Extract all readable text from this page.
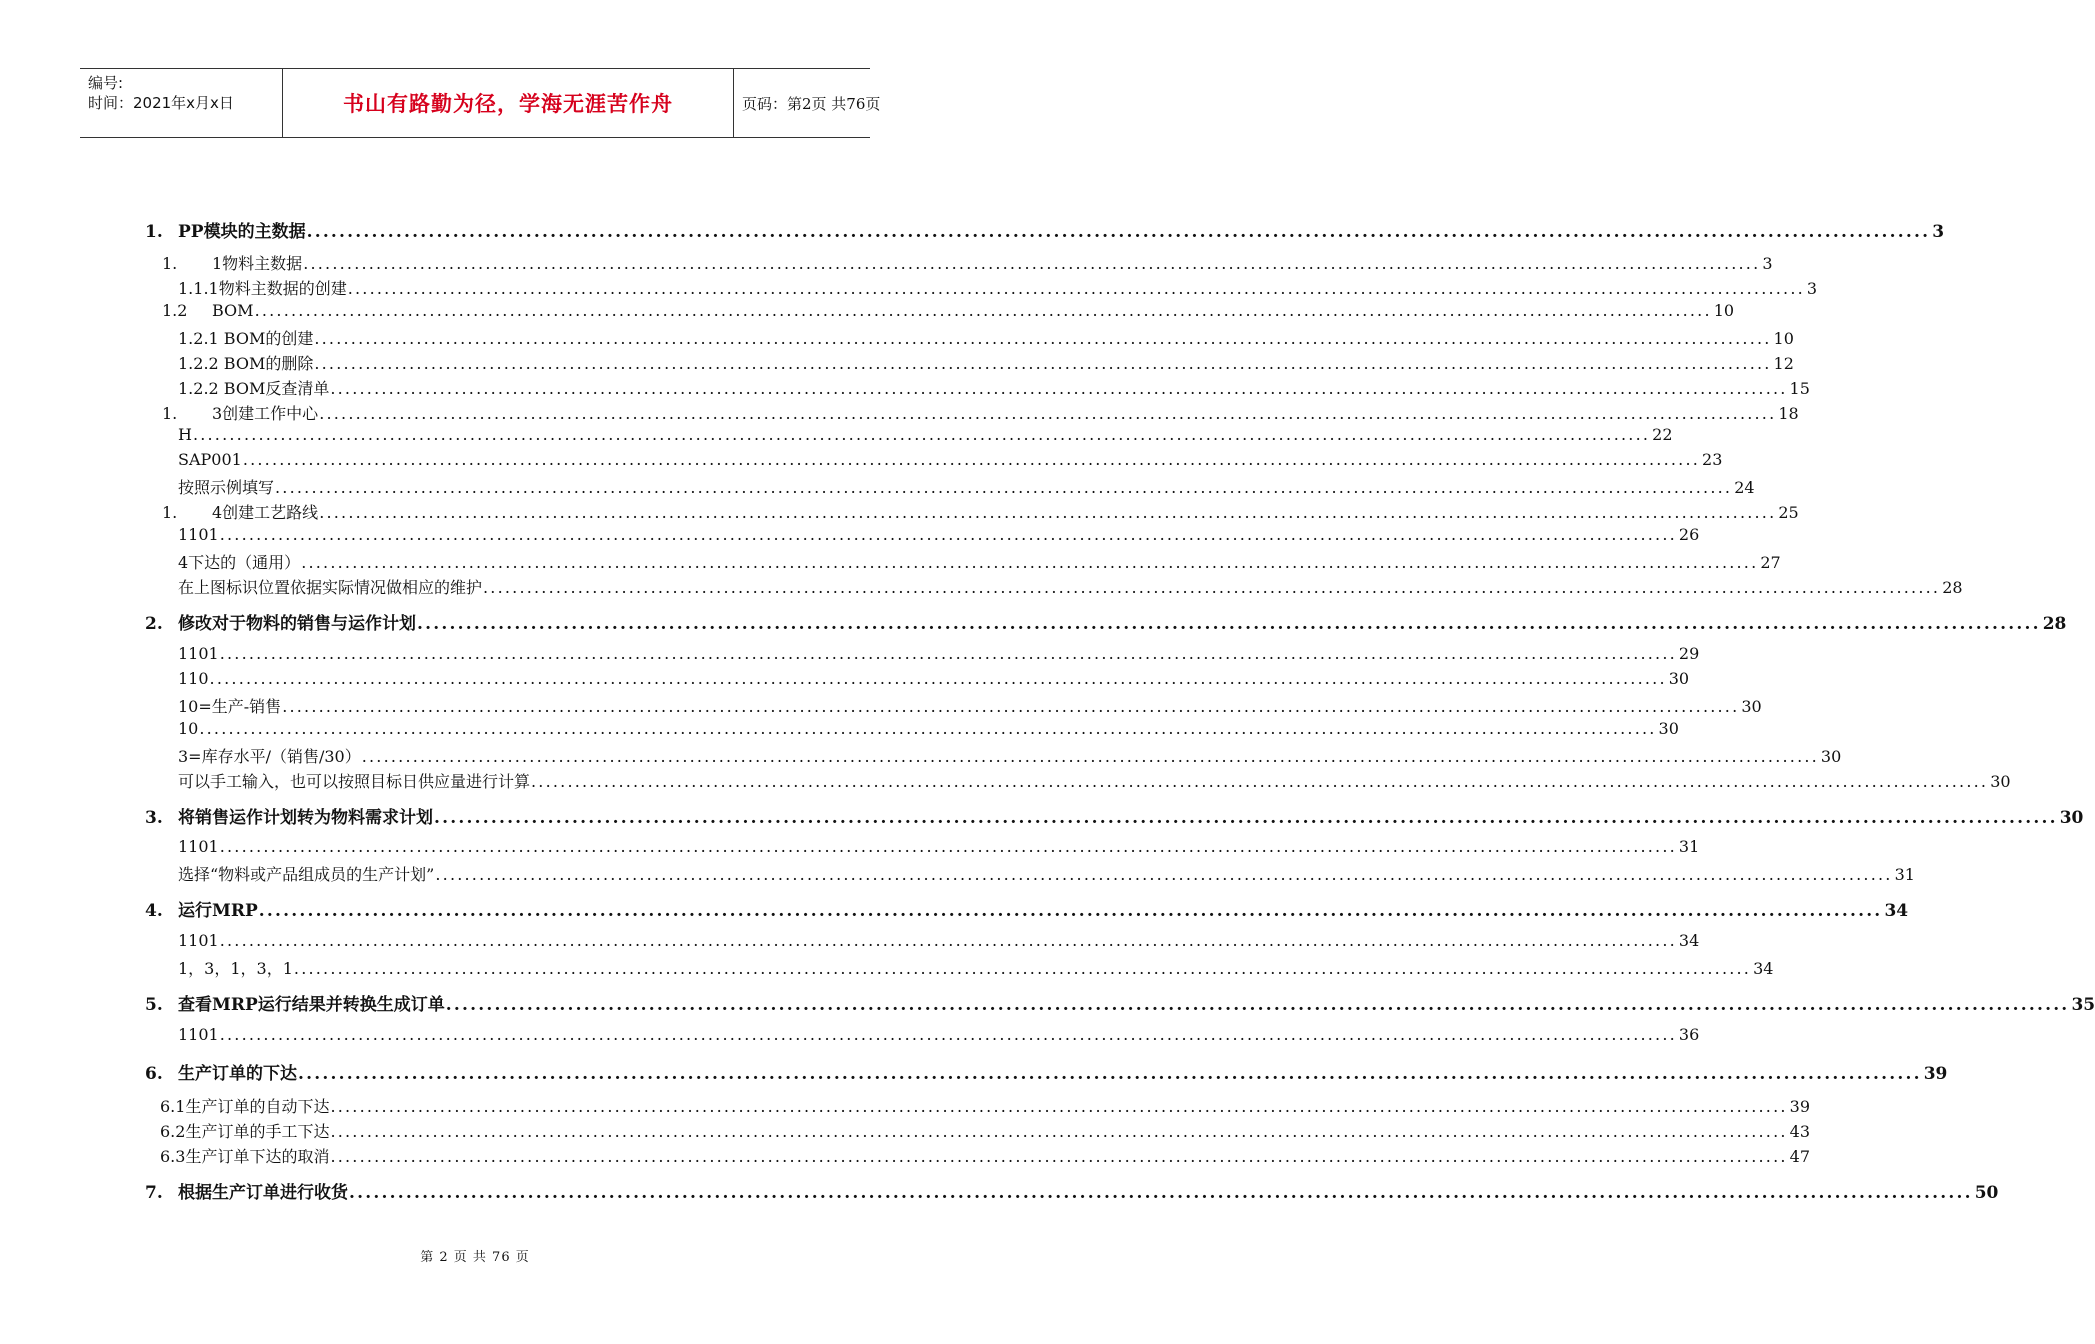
编号:
时间：2021年x月x日	书山有路勤为径，学海无涯苦作舟	页码：第2页 共76页
1. PP模块的主数据 ........................................................................................................................................................................................................ 3
1. 1物料主数据 ........................................................................................................................................................................................................ 3
1.1.1物料主数据的创建 ........................................................................................................................................................................................................ 3
1.2 BOM ........................................................................................................................................................................................................ 10
1.2.1 BOM的创建 ........................................................................................................................................................................................................ 10
1.2.2 BOM的删除 ........................................................................................................................................................................................................ 12
1.2.2 BOM反查清单 ........................................................................................................................................................................................................ 15
1. 3创建工作中心 ........................................................................................................................................................................................................ 18
H ........................................................................................................................................................................................................ 22
SAP001 ........................................................................................................................................................................................................ 23
按照示例填写 ........................................................................................................................................................................................................ 24
1. 4创建工艺路线 ........................................................................................................................................................................................................ 25
1101 ........................................................................................................................................................................................................ 26
4下达的（通用） ........................................................................................................................................................................................................ 27
在上图标识位置依据实际情况做相应的维护 ........................................................................................................................................................................................................ 28
2. 修改对于物料的销售与运作计划 ........................................................................................................................................................................................................ 28
1101 ........................................................................................................................................................................................................ 29
110 ........................................................................................................................................................................................................ 30
10=生产-销售 ........................................................................................................................................................................................................ 30
10 ........................................................................................................................................................................................................ 30
3=库存水平/（销售/30） ........................................................................................................................................................................................................ 30
可以手工输入，也可以按照目标日供应量进行计算 ........................................................................................................................................................................................................ 30
3. 将销售运作计划转为物料需求计划 ........................................................................................................................................................................................................ 30
1101 ........................................................................................................................................................................................................ 31
选择“物料或产品组成员的生产计划” ........................................................................................................................................................................................................ 31
4. 运行MRP ........................................................................................................................................................................................................ 34
1101 ........................................................................................................................................................................................................ 34
1，3，1，3，1 ........................................................................................................................................................................................................ 34
5. 查看MRP运行结果并转换生成订单 ........................................................................................................................................................................................................ 35
1101 ........................................................................................................................................................................................................ 36
6. 生产订单的下达 ........................................................................................................................................................................................................ 39
6.1生产订单的自动下达 ........................................................................................................................................................................................................ 39
6.2生产订单的手工下达 ........................................................................................................................................................................................................ 43
6.3生产订单下达的取消 ........................................................................................................................................................................................................ 47
7. 根据生产订单进行收货 ........................................................................................................................................................................................................ 50
第 2 页 共 76 页
